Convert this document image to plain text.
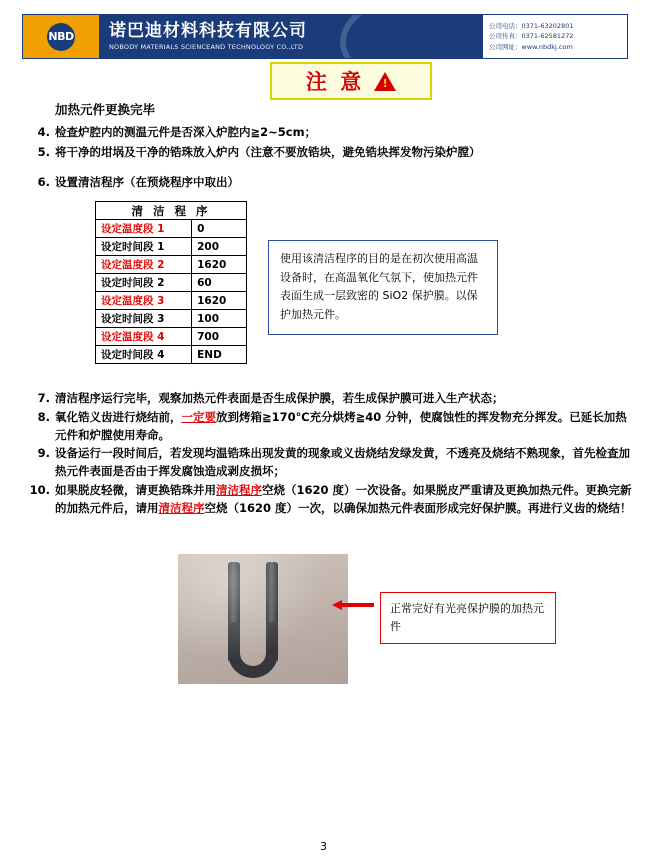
NBD 诺巴迪材料科技有限公司
NOBODY MATERIALS SCIENCEAND TECHNOLOGY CO.,LTD
公司电话：0371-63202801
公司传真：0371-62581272
公司网址：www.nbdkj.com
注 意
!
加热元件更换完毕
4. 检查炉腔内的测温元件是否深入炉腔内≧2~5cm；
5. 将干净的坩埚及干净的锆珠放入炉内（注意不要放锆块，避免锆块挥发物污染炉膛）
6. 设置清洁程序（在预烧程序中取出）
清 洁 程 序	
设定温度段 1	0
设定时间段 1	200
设定温度段 2	1620
设定时间段 2	60
设定温度段 3	1620
设定时间段 3	100
设定温度段 4	700
设定时间段 4	END
使用该清洁程序的目的是在初次使用高温设备时，在高温氧化气氛下，使加热元件表面生成一层致密的 SiO2 保护膜。以保护加热元件。
7. 清洁程序运行完毕，观察加热元件表面是否生成保护膜，若生成保护膜可进入生产状态；
8. 氧化锆义齿进行烧结前，一定要放到烤箱≧170℃充分烘烤≧40 分钟，使腐蚀性的挥发物充分挥发。已延长加热元件和炉膛使用寿命。
9. 设备运行一段时间后，若发现均温锆珠出现发黄的现象或义齿烧结发绿发黄，不透亮及烧结不熟现象，首先检查加热元件表面是否由于挥发腐蚀造成剥皮损坏；
10. 如果脱皮轻微，请更换锆珠并用清洁程序空烧（1620 度）一次设备。如果脱皮严重请及更换加热元件。更换完新的加热元件后，请用清洁程序空烧（1620 度）一次，以确保加热元件表面形成完好保护膜。再进行义齿的烧结！
正常完好有光亮保护膜的加热元件
3
